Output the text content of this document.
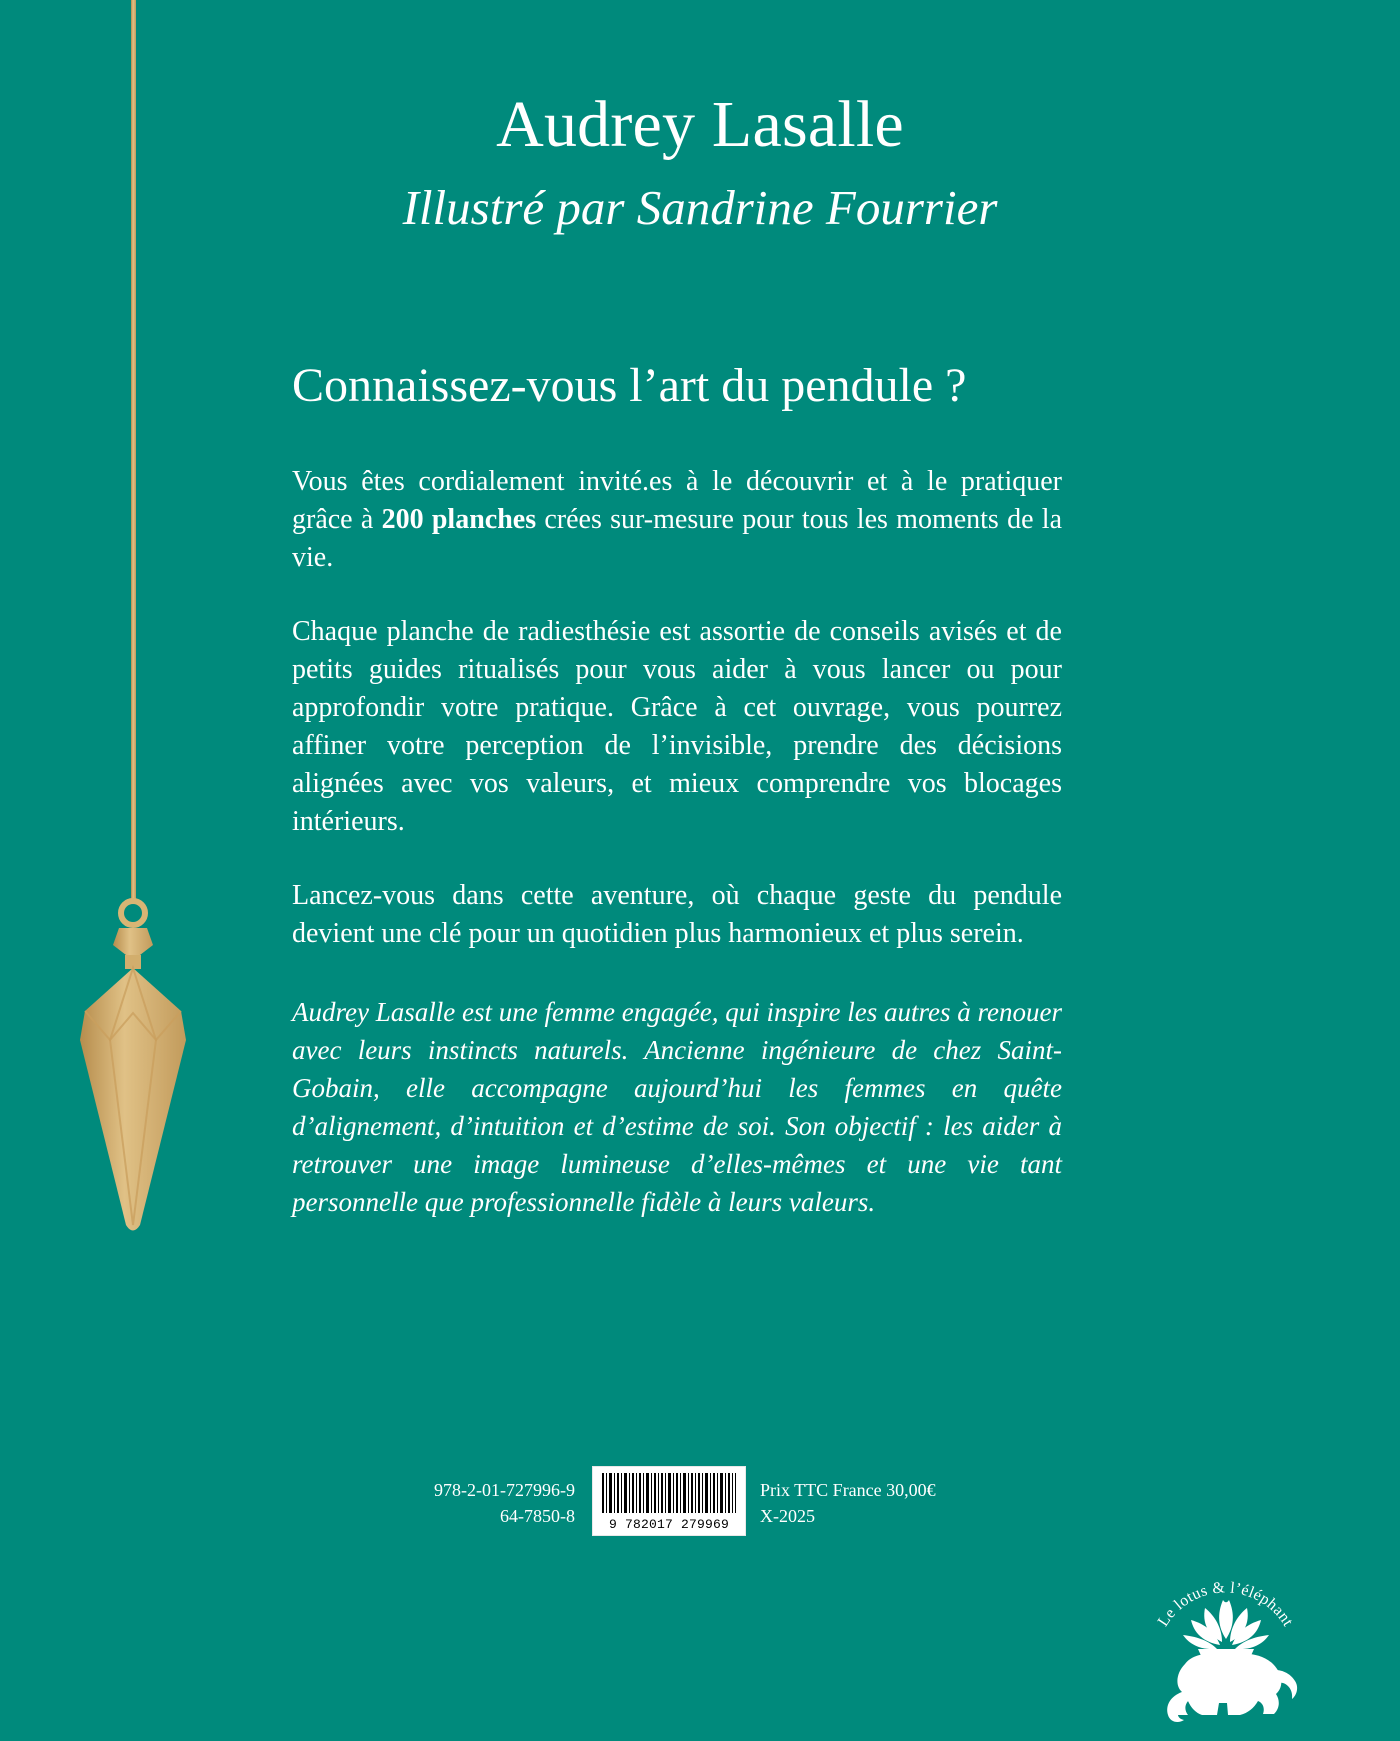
Audrey Lasalle
Illustré par Sandrine Fourrier
Connaissez-vous l’art du pendule ?

Vous êtes cordialement invité.es à le découvrir et à le pratiquer grâce à 200 planches crées sur-mesure pour tous les moments de la vie.

Chaque planche de radiesthésie est assortie de conseils avisés et de petits guides ritualisés pour vous aider à vous lancer ou pour approfondir votre pratique. Grâce à cet ouvrage, vous pourrez affiner votre perception de l’invisible, prendre des décisions alignées avec vos valeurs, et mieux comprendre vos blocages intérieurs.

Lancez-vous dans cette aventure, où chaque geste du pendule devient une clé pour un quotidien plus harmonieux et plus serein.

Audrey Lasalle est une femme engagée, qui inspire les autres à renouer avec leurs instincts naturels. Ancienne ingénieure de chez Saint-Gobain, elle accompagne aujourd’hui les femmes en quête d’alignement, d’intuition et d’estime de soi. Son objectif : les aider à retrouver une image lumineuse d’elles-mêmes et une vie tant personnelle que professionnelle fidèle à leurs valeurs.

978-2-01-727996-9
64-7850-8	9 782017 279969
Prix TTC France 30,00€
X-2025
Le lotus & l’éléphant
